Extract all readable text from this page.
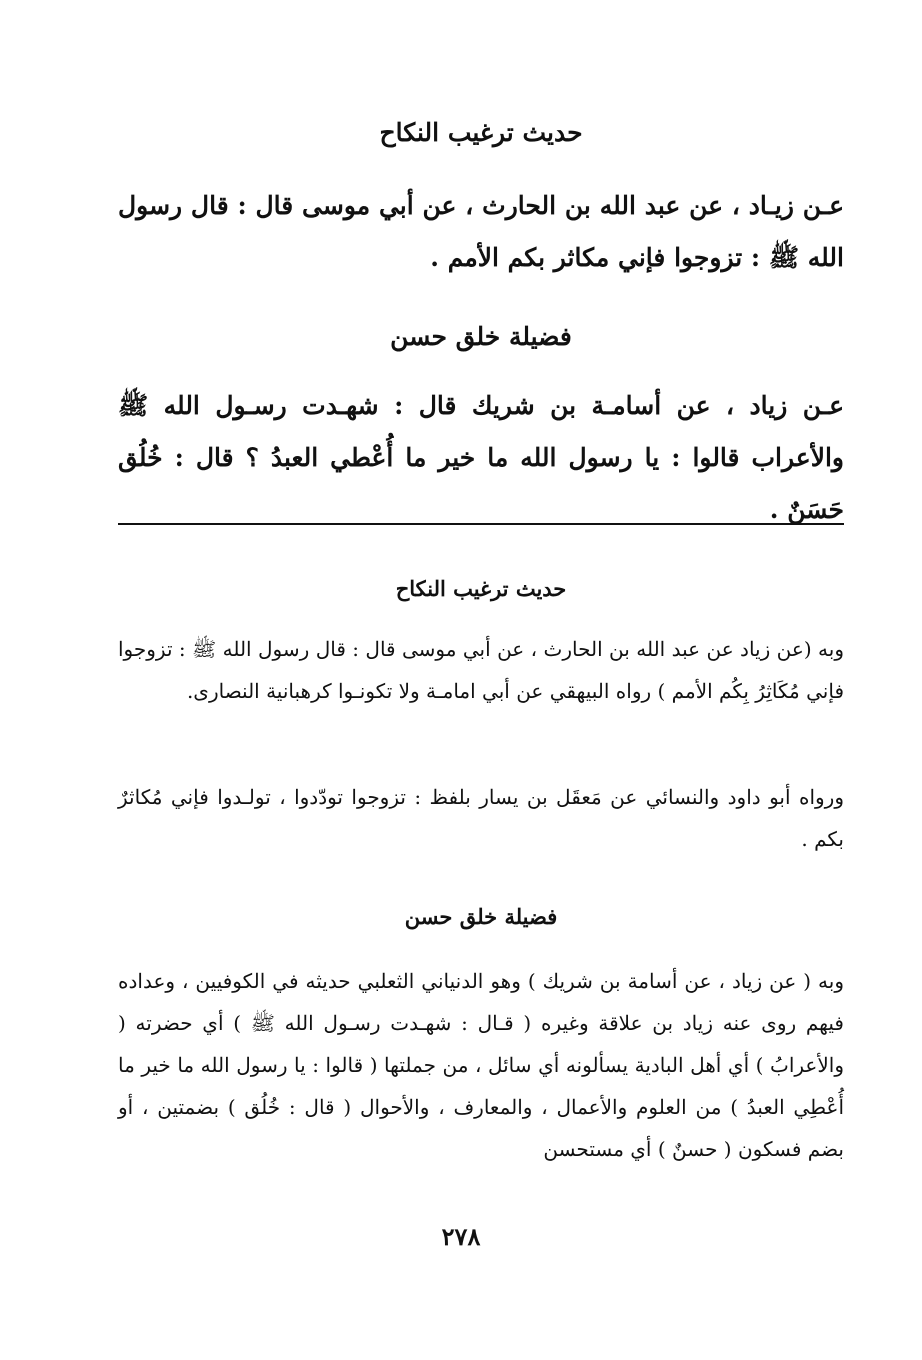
حديث ترغيب النكاح
عـن زيـاد ، عن عبد الله بن الحارث ، عن أبي موسى قال : قال رسول الله ﷺ : تزوجوا فإني مكاثر بكم الأمم .
فضيلة خلق حسن
عـن زياد ، عن أسامـة بن شريك قال : شهـدت رسـول الله ﷺ والأعراب قالوا : يا رسول الله ما خير ما أُعْطي العبدُ ؟ قال : خُلُق حَسَنٌ .
حديث ترغيب النكاح

وبه (عن زياد عن عبد الله بن الحارث ، عن أبي موسى قال : قال رسول الله ﷺ : تزوجوا فإني مُكَاثِرُ بِكُم الأمم ) رواه البيهقي عن أبي امامـة ولا تكونـوا كرهبانية النصارى.

ورواه أبو داود والنسائي عن مَعقَل بن يسار بلفظ : تزوجوا تودّدوا ، تولـدوا فإني مُكاثرٌ بكم .

فضيلة خلق حسن

وبه ( عن زياد ، عن أسامة بن شريك ) وهو الدنياني الثعلبي حديثه في الكوفيين ، وعداده فيهم روى عنه زياد بن علاقة وغيره ( قـال : شهـدت رسـول الله ﷺ ) أي حضرته ( والأعرابُ ) أي أهل البادية يسألونه أي سائل ، من جملتها ( قالوا : يا رسول الله ما خير ما أُعْطِي العبدُ ) من العلوم والأعمال ، والمعارف ، والأحوال ( قال : خُلُق ) بضمتين ، أو بضم فسكون ( حسنٌ ) أي مستحسن

٢٧٨
